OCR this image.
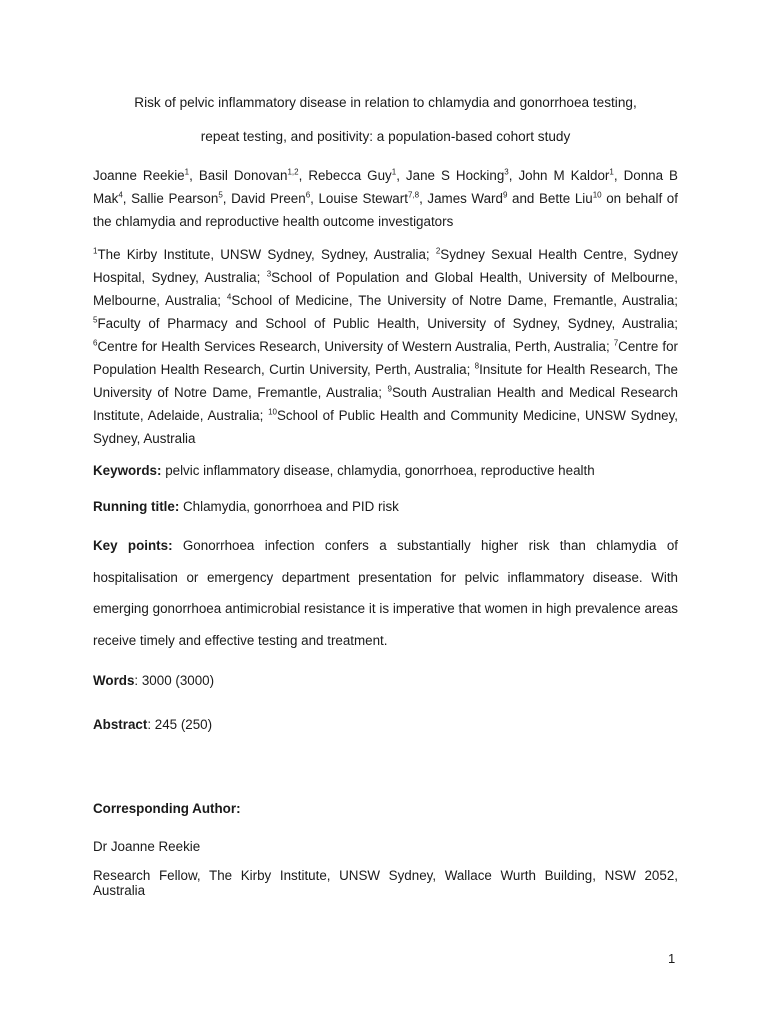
Risk of pelvic inflammatory disease in relation to chlamydia and gonorrhoea testing,
repeat testing, and positivity: a population-based cohort study

Joanne Reekie$^1$, Basil Donovan$^{1,2}$, Rebecca Guy$^1$, Jane S Hocking$^3$, John M Kaldor$^1$, Donna B Mak$^4$, Sallie Pearson$^5$, David Preen$^6$, Louise Stewart$^{7,8}$, James Ward$^9$ and Bette Liu$^{10}$ on behalf of the chlamydia and reproductive health outcome investigators

$^1$The Kirby Institute, UNSW Sydney, Sydney, Australia; $^2$Sydney Sexual Health Centre, Sydney Hospital, Sydney, Australia; $^3$School of Population and Global Health, University of Melbourne, Melbourne, Australia; $^4$School of Medicine, The University of Notre Dame, Fremantle, Australia; $^5$Faculty of Pharmacy and School of Public Health, University of Sydney, Sydney, Australia; $^6$Centre for Health Services Research, University of Western Australia, Perth, Australia; $^7$Centre for Population Health Research, Curtin University, Perth, Australia; $^8$Insitute for Health Research, The University of Notre Dame, Fremantle, Australia; $^9$South Australian Health and Medical Research Institute, Adelaide, Australia; $^{10}$School of Public Health and Community Medicine, UNSW Sydney, Sydney, Australia

Keywords: pelvic inflammatory disease, chlamydia, gonorrhoea, reproductive health

Running title: Chlamydia, gonorrhoea and PID risk

Key points: Gonorrhoea infection confers a substantially higher risk than chlamydia of hospitalisation or emergency department presentation for pelvic inflammatory disease. With emerging gonorrhoea antimicrobial resistance it is imperative that women in high prevalence areas receive timely and effective testing and treatment.

Words: 3000 (3000)

Abstract: 245 (250)

Corresponding Author:

Dr Joanne Reekie

Research Fellow, The Kirby Institute, UNSW Sydney, Wallace Wurth Building, NSW 2052, Australia

1
